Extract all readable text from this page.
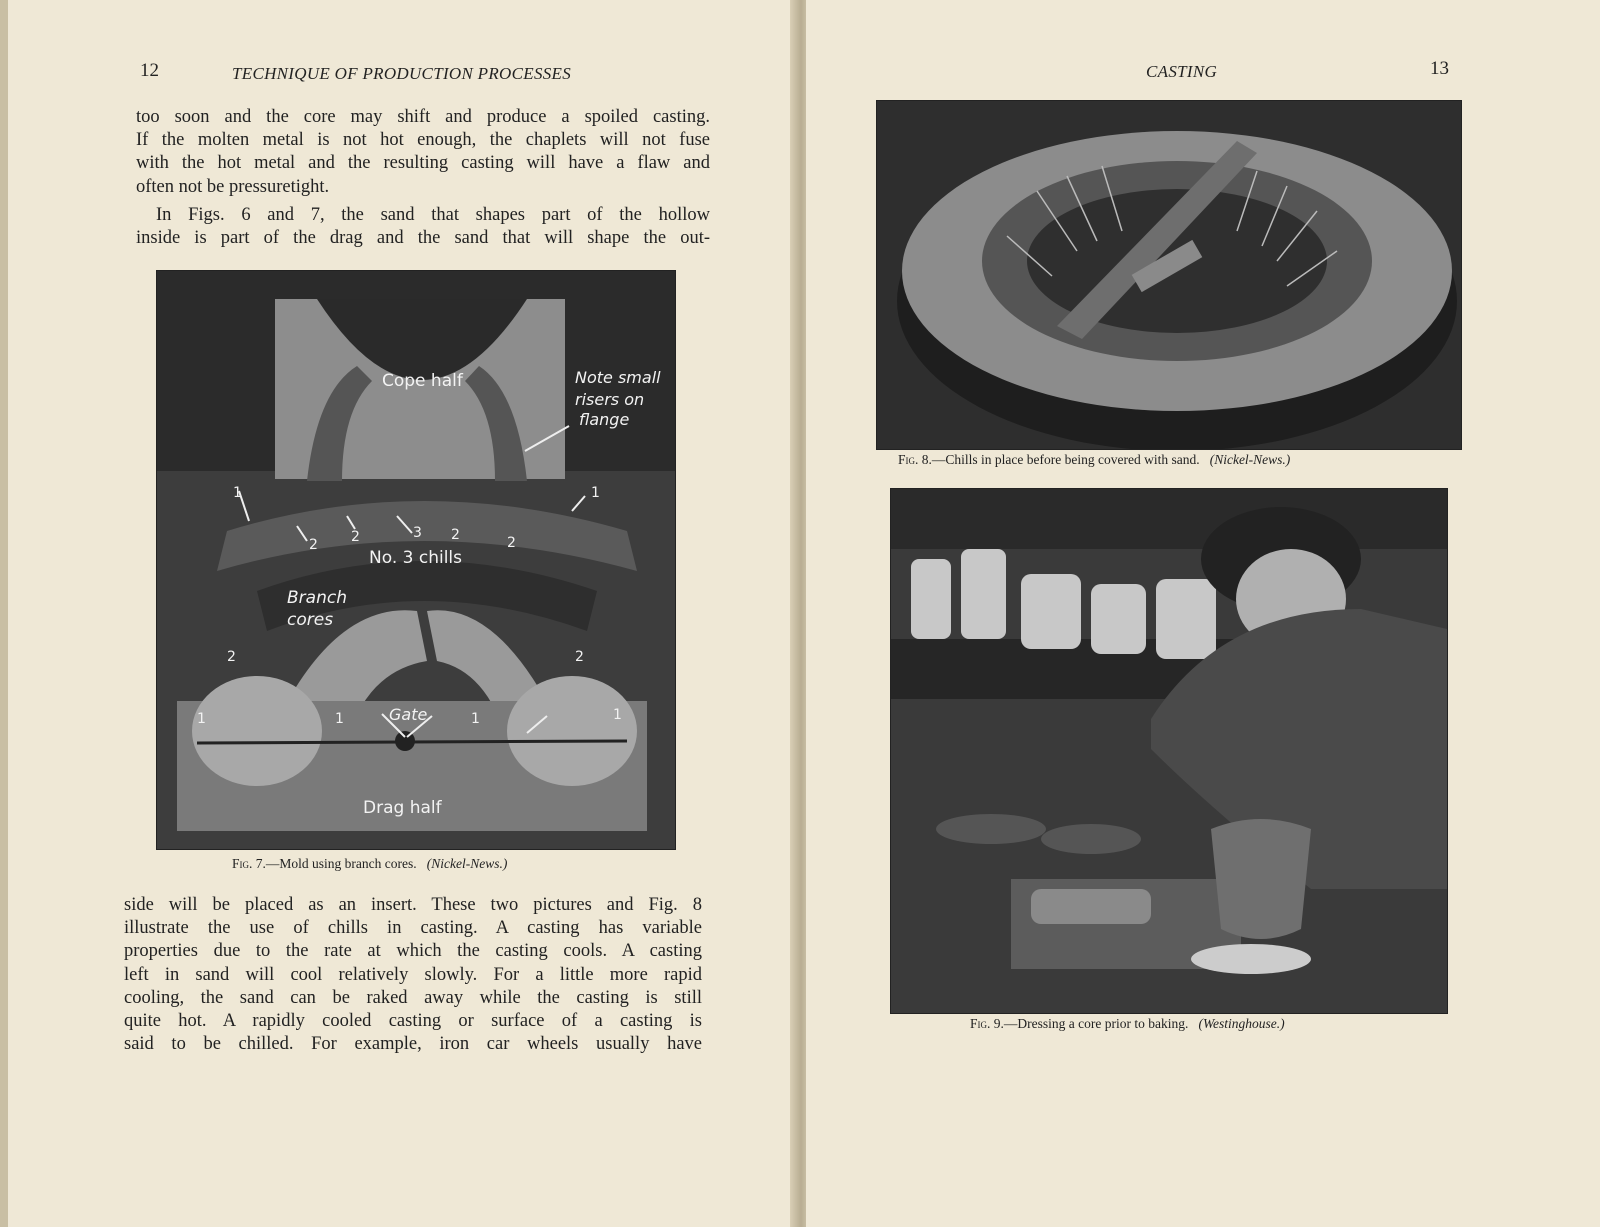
12	TECHNIQUE OF PRODUCTION PROCESSES
too soon and the core may shift and produce a spoiled casting.
If the molten metal is not hot enough, the chaplets will not fuse
with the hot metal and the resulting casting will have a flaw and
often not be pressuretight.
In Figs. 6 and 7, the sand that shapes part of the hollow
inside is part of the drag and the sand that will shape the out-
Cope half	Note small
risers on
flange
No. 3 chills
Branch
cores
Gate
Drag half
1	1
2 2	3 2	2
2	2
1	1	1	1
Fig. 7.—Mold using branch cores. (Nickel-News.)
side will be placed as an insert. These two pictures and Fig. 8
illustrate the use of chills in casting. A casting has variable
properties due to the rate at which the casting cools. A casting
left in sand will cool relatively slowly. For a little more rapid
cooling, the sand can be raked away while the casting is still
quite hot. A rapidly cooled casting or surface of a casting is
said to be chilled. For example, iron car wheels usually have
CASTING	13
Fig. 8.—Chills in place before being covered with sand. (Nickel-News.)
Fig. 9.—Dressing a core prior to baking. (Westinghouse.)
